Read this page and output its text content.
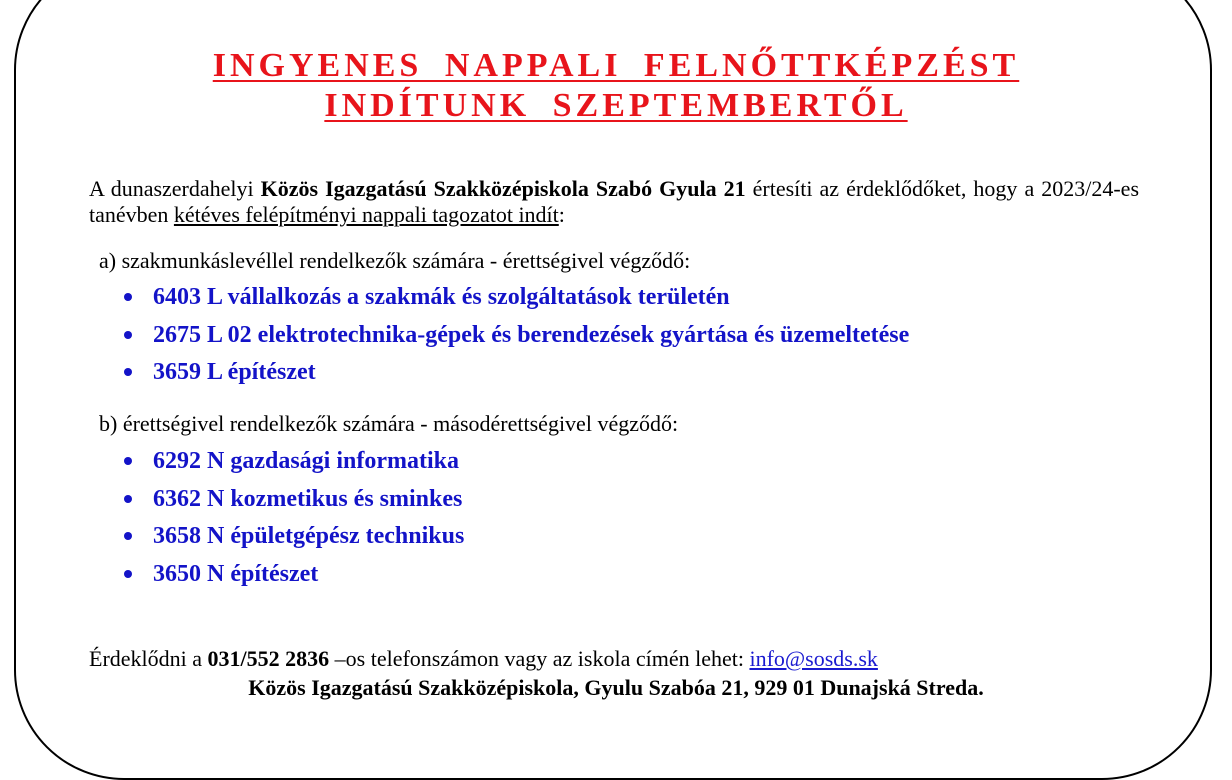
INGYENES NAPPALI FELNŐTTKÉPZÉST
INDÍTUNK SZEPTEMBERTŐL

A dunaszerdahelyi Közös Igazgatású Szakközépiskola Szabó Gyula 21 értesíti az érdeklődőket, hogy a 2023/24-es tanévben kétéves felépítményi nappali tagozatot indít:

a) szakmunkáslevéllel rendelkezők számára - érettségivel végződő:

6403 L vállalkozás a szakmák és szolgáltatások területén
2675 L 02 elektrotechnika-gépek és berendezések gyártása és üzemeltetése
3659 L építészet

b) érettségivel rendelkezők számára - másodérettségivel végződő:

6292 N gazdasági informatika
6362 N kozmetikus és sminkes
3658 N épületgépész technikus
3650 N építészet

Érdeklődni a 031/552 2836 –os telefonszámon vagy az iskola címén lehet: info@sosds.sk

Közös Igazgatású Szakközépiskola, Gyulu Szabóa 21, 929 01 Dunajská Streda.
